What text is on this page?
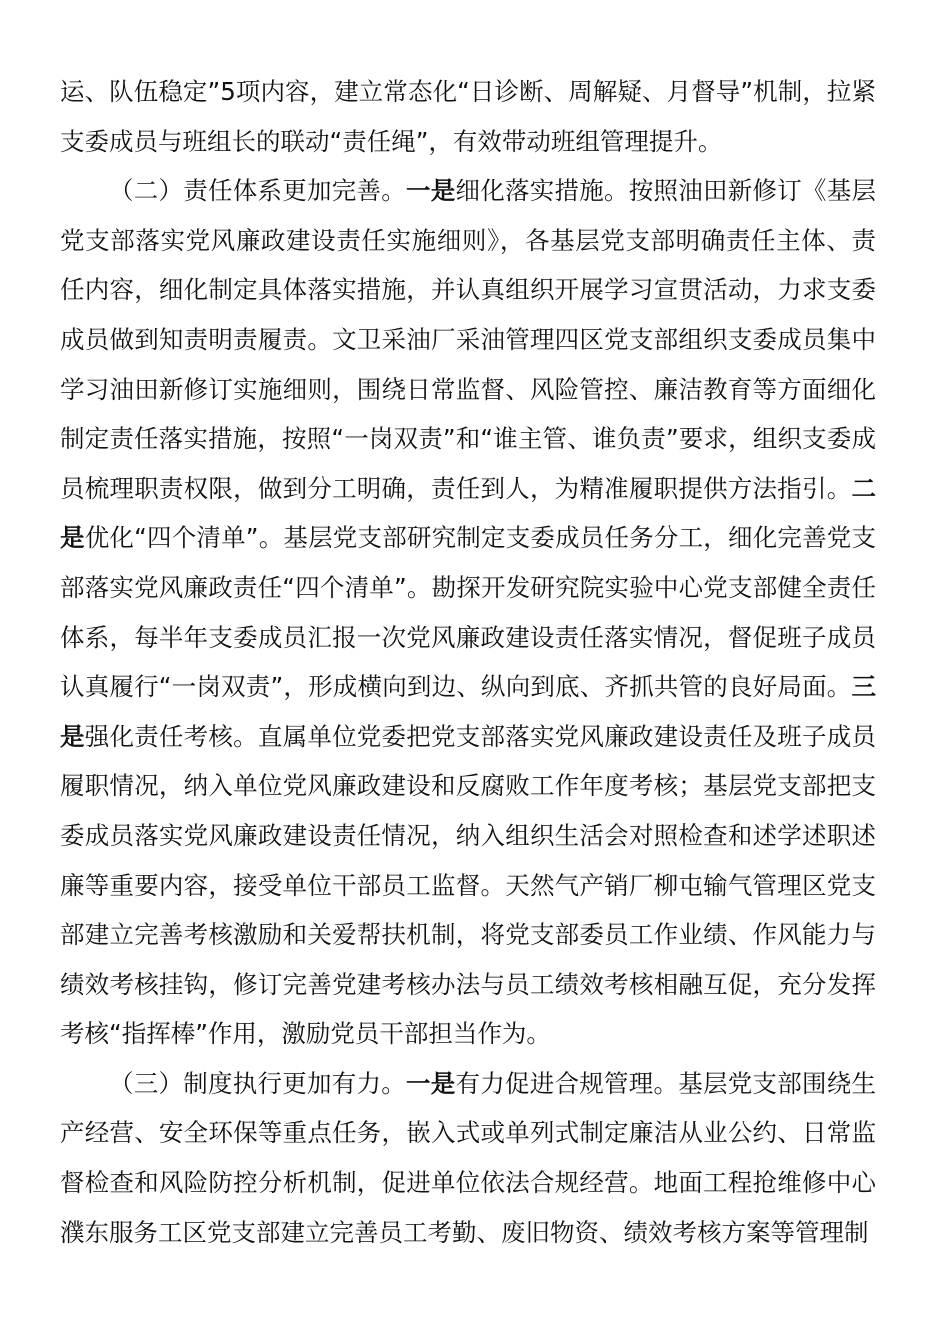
运、队伍稳定”5项内容，建立常态化“日诊断、周解疑、月督导”机制，拉紧支委成员与班组长的联动“责任绳”，有效带动班组管理提升。

（二）责任体系更加完善。一是细化落实措施。按照油田新修订《基层党支部落实党风廉政建设责任实施细则》，各基层党支部明确责任主体、责任内容，细化制定具体落实措施，并认真组织开展学习宣贯活动，力求支委成员做到知责明责履责。文卫采油厂采油管理四区党支部组织支委成员集中学习油田新修订实施细则，围绕日常监督、风险管控、廉洁教育等方面细化制定责任落实措施，按照“一岗双责”和“谁主管、谁负责”要求，组织支委成员梳理职责权限，做到分工明确，责任到人，为精准履职提供方法指引。二是优化“四个清单”。基层党支部研究制定支委成员任务分工，细化完善党支部落实党风廉政责任“四个清单”。勘探开发研究院实验中心党支部健全责任体系，每半年支委成员汇报一次党风廉政建设责任落实情况，督促班子成员认真履行“一岗双责”，形成横向到边、纵向到底、齐抓共管的良好局面。三是强化责任考核。直属单位党委把党支部落实党风廉政建设责任及班子成员履职情况，纳入单位党风廉政建设和反腐败工作年度考核；基层党支部把支委成员落实党风廉政建设责任情况，纳入组织生活会对照检查和述学述职述廉等重要内容，接受单位干部员工监督。天然气产销厂柳屯输气管理区党支部建立完善考核激励和关爱帮扶机制，将党支部委员工作业绩、作风能力与绩效考核挂钩，修订完善党建考核办法与员工绩效考核相融互促，充分发挥考核“指挥棒”作用，激励党员干部担当作为。

（三）制度执行更加有力。一是有力促进合规管理。基层党支部围绕生产经营、安全环保等重点任务，嵌入式或单列式制定廉洁从业公约、日常监督检查和风险防控分析机制，促进单位依法合规经营。地面工程抢维修中心濮东服务工区党支部建立完善员工考勤、废旧物资、绩效考核方案等管理制
